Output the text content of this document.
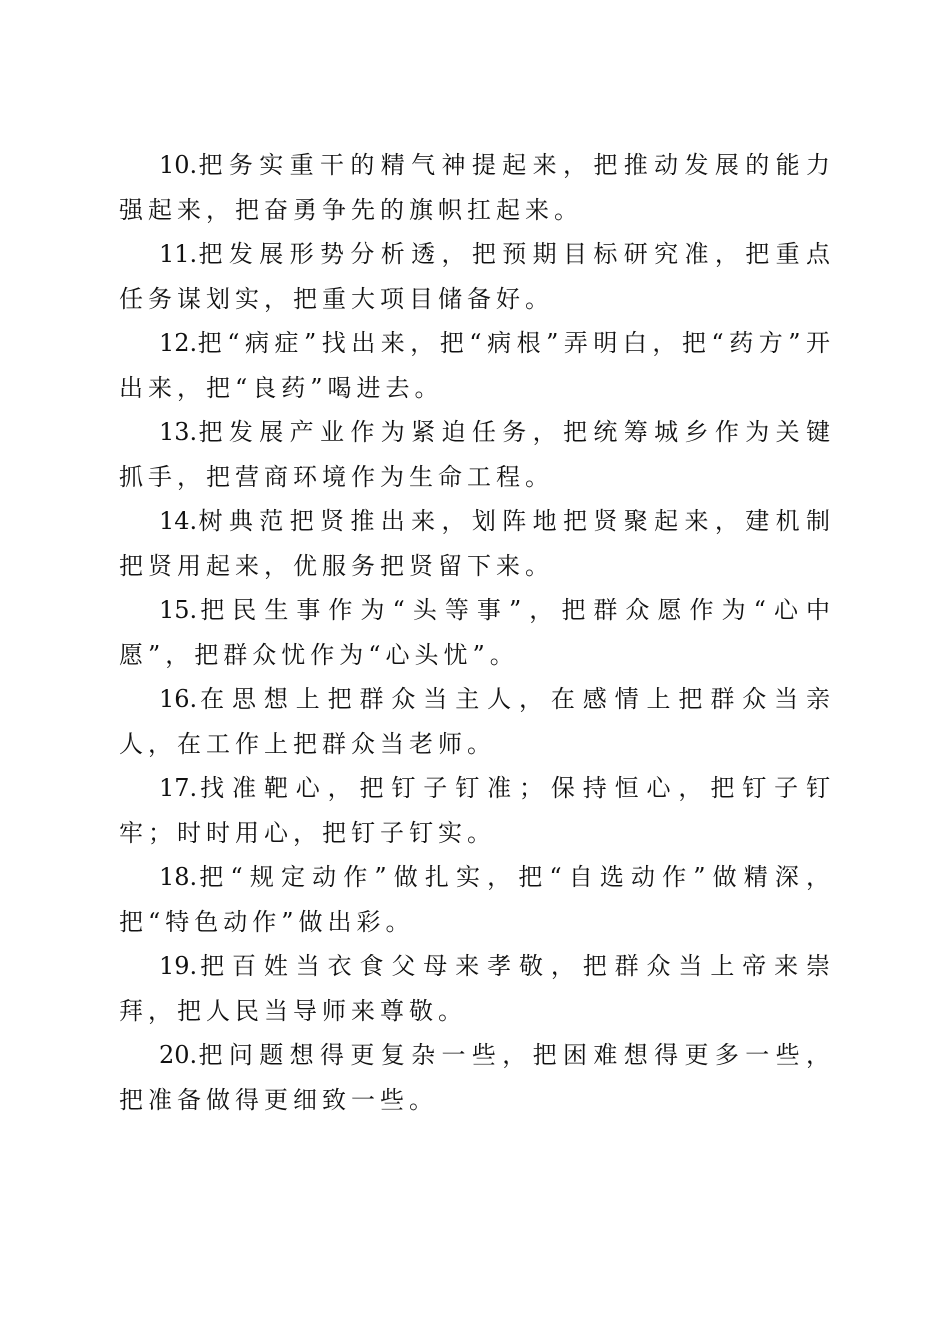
10.把务实重干的精气神提起来，把推动发展的能力强起来，把奋勇争先的旗帜扛起来。

11.把发展形势分析透，把预期目标研究准，把重点任务谋划实，把重大项目储备好。

12.把“病症”找出来，把“病根”弄明白，把“药方”开出来，把“良药”喝进去。

13.把发展产业作为紧迫任务，把统筹城乡作为关键抓手，把营商环境作为生命工程。

14.树典范把贤推出来，划阵地把贤聚起来，建机制把贤用起来，优服务把贤留下来。

15.把民生事作为“头等事”，把群众愿作为“心中愿”，把群众忧作为“心头忧”。

16.在思想上把群众当主人，在感情上把群众当亲人，在工作上把群众当老师。

17.找准靶心，把钉子钉准；保持恒心，把钉子钉牢；时时用心，把钉子钉实。

18.把“规定动作”做扎实，把“自选动作”做精深，把“特色动作”做出彩。

19.把百姓当衣食父母来孝敬，把群众当上帝来崇拜，把人民当导师来尊敬。

20.把问题想得更复杂一些，把困难想得更多一些，把准备做得更细致一些。
